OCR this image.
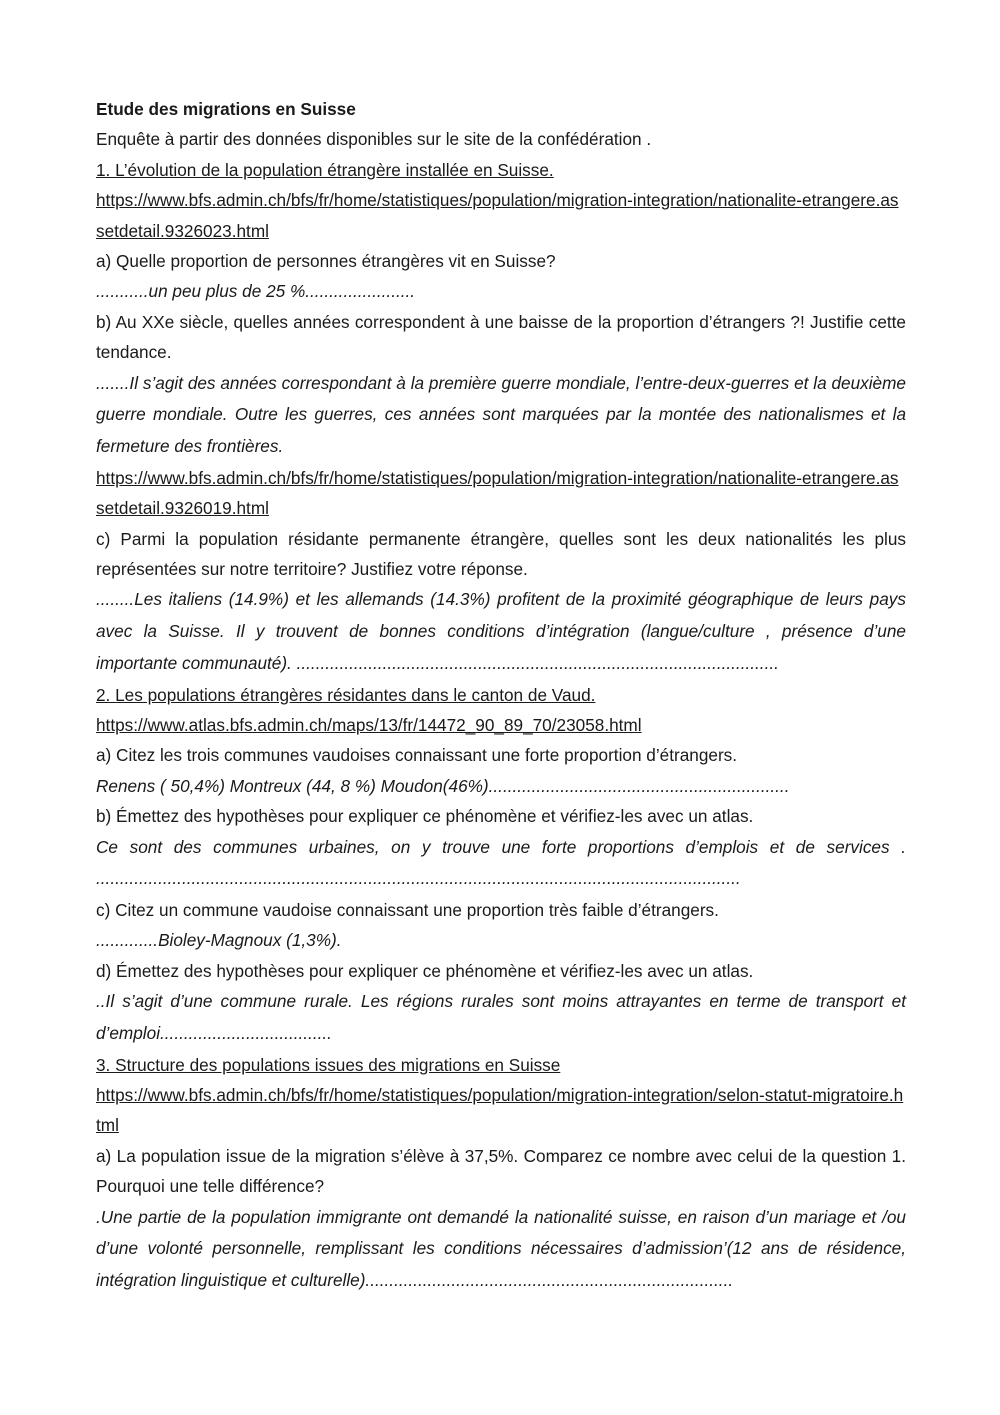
Etude des migrations en Suisse

Enquête à partir des données disponibles sur le site de la confédération .

1. L’évolution de la population étrangère installée en Suisse.

https://www.bfs.admin.ch/bfs/fr/home/statistiques/population/migration-integration/nationalite-etrangere.assetdetail.9326023.html

a) Quelle proportion de personnes étrangères vit en Suisse?

...........un peu plus de 25 %.......................

b) Au XXe siècle, quelles années correspondent à une baisse de la proportion d’étrangers ?! Justifie cette tendance.

.......Il s’agit des années correspondant à la première guerre mondiale, l’entre-deux-guerres et la deuxième guerre mondiale. Outre les guerres, ces années sont marquées par la montée des nationalismes et la fermeture des frontières.

https://www.bfs.admin.ch/bfs/fr/home/statistiques/population/migration-integration/nationalite-etrangere.assetdetail.9326019.html

c) Parmi la population résidante permanente étrangère, quelles sont les deux nationalités les plus représentées sur notre territoire? Justifiez votre réponse.

........Les italiens (14.9%) et les allemands (14.3%) profitent de la proximité géographique de leurs pays avec la Suisse. Il y trouvent de bonnes conditions d’intégration (langue/culture , présence d’une importante communauté). .....................................................................................................

2. Les populations étrangères résidantes dans le canton de Vaud.

https://www.atlas.bfs.admin.ch/maps/13/fr/14472_90_89_70/23058.html

a) Citez les trois communes vaudoises connaissant une forte proportion d’étrangers.

Renens ( 50,4%) Montreux (44, 8 %) Moudon(46%)...............................................................

b) Émettez des hypothèses pour expliquer ce phénomène et vérifiez-les avec un atlas.

Ce sont des communes urbaines, on y trouve une forte proportions d’emplois et de services . .......................................................................................................................................

c) Citez un commune vaudoise connaissant une proportion très faible d’étrangers.

.............Bioley-Magnoux (1,3%).

d) Émettez des hypothèses pour expliquer ce phénomène et vérifiez-les avec un atlas.

..Il s’agit d’une commune rurale. Les régions rurales sont moins attrayantes en terme de transport et d’emploi....................................

3. Structure des populations issues des migrations en Suisse

https://www.bfs.admin.ch/bfs/fr/home/statistiques/population/migration-integration/selon-statut-migratoire.html

a) La population issue de la migration s’élève à 37,5%. Comparez ce nombre avec celui de la question 1. Pourquoi une telle différence?

.Une partie de la population immigrante ont demandé la nationalité suisse, en raison d’un mariage et /ou d’une volonté personnelle, remplissant les conditions nécessaires d’admission’(12 ans de résidence, intégration linguistique et culturelle).............................................................................
